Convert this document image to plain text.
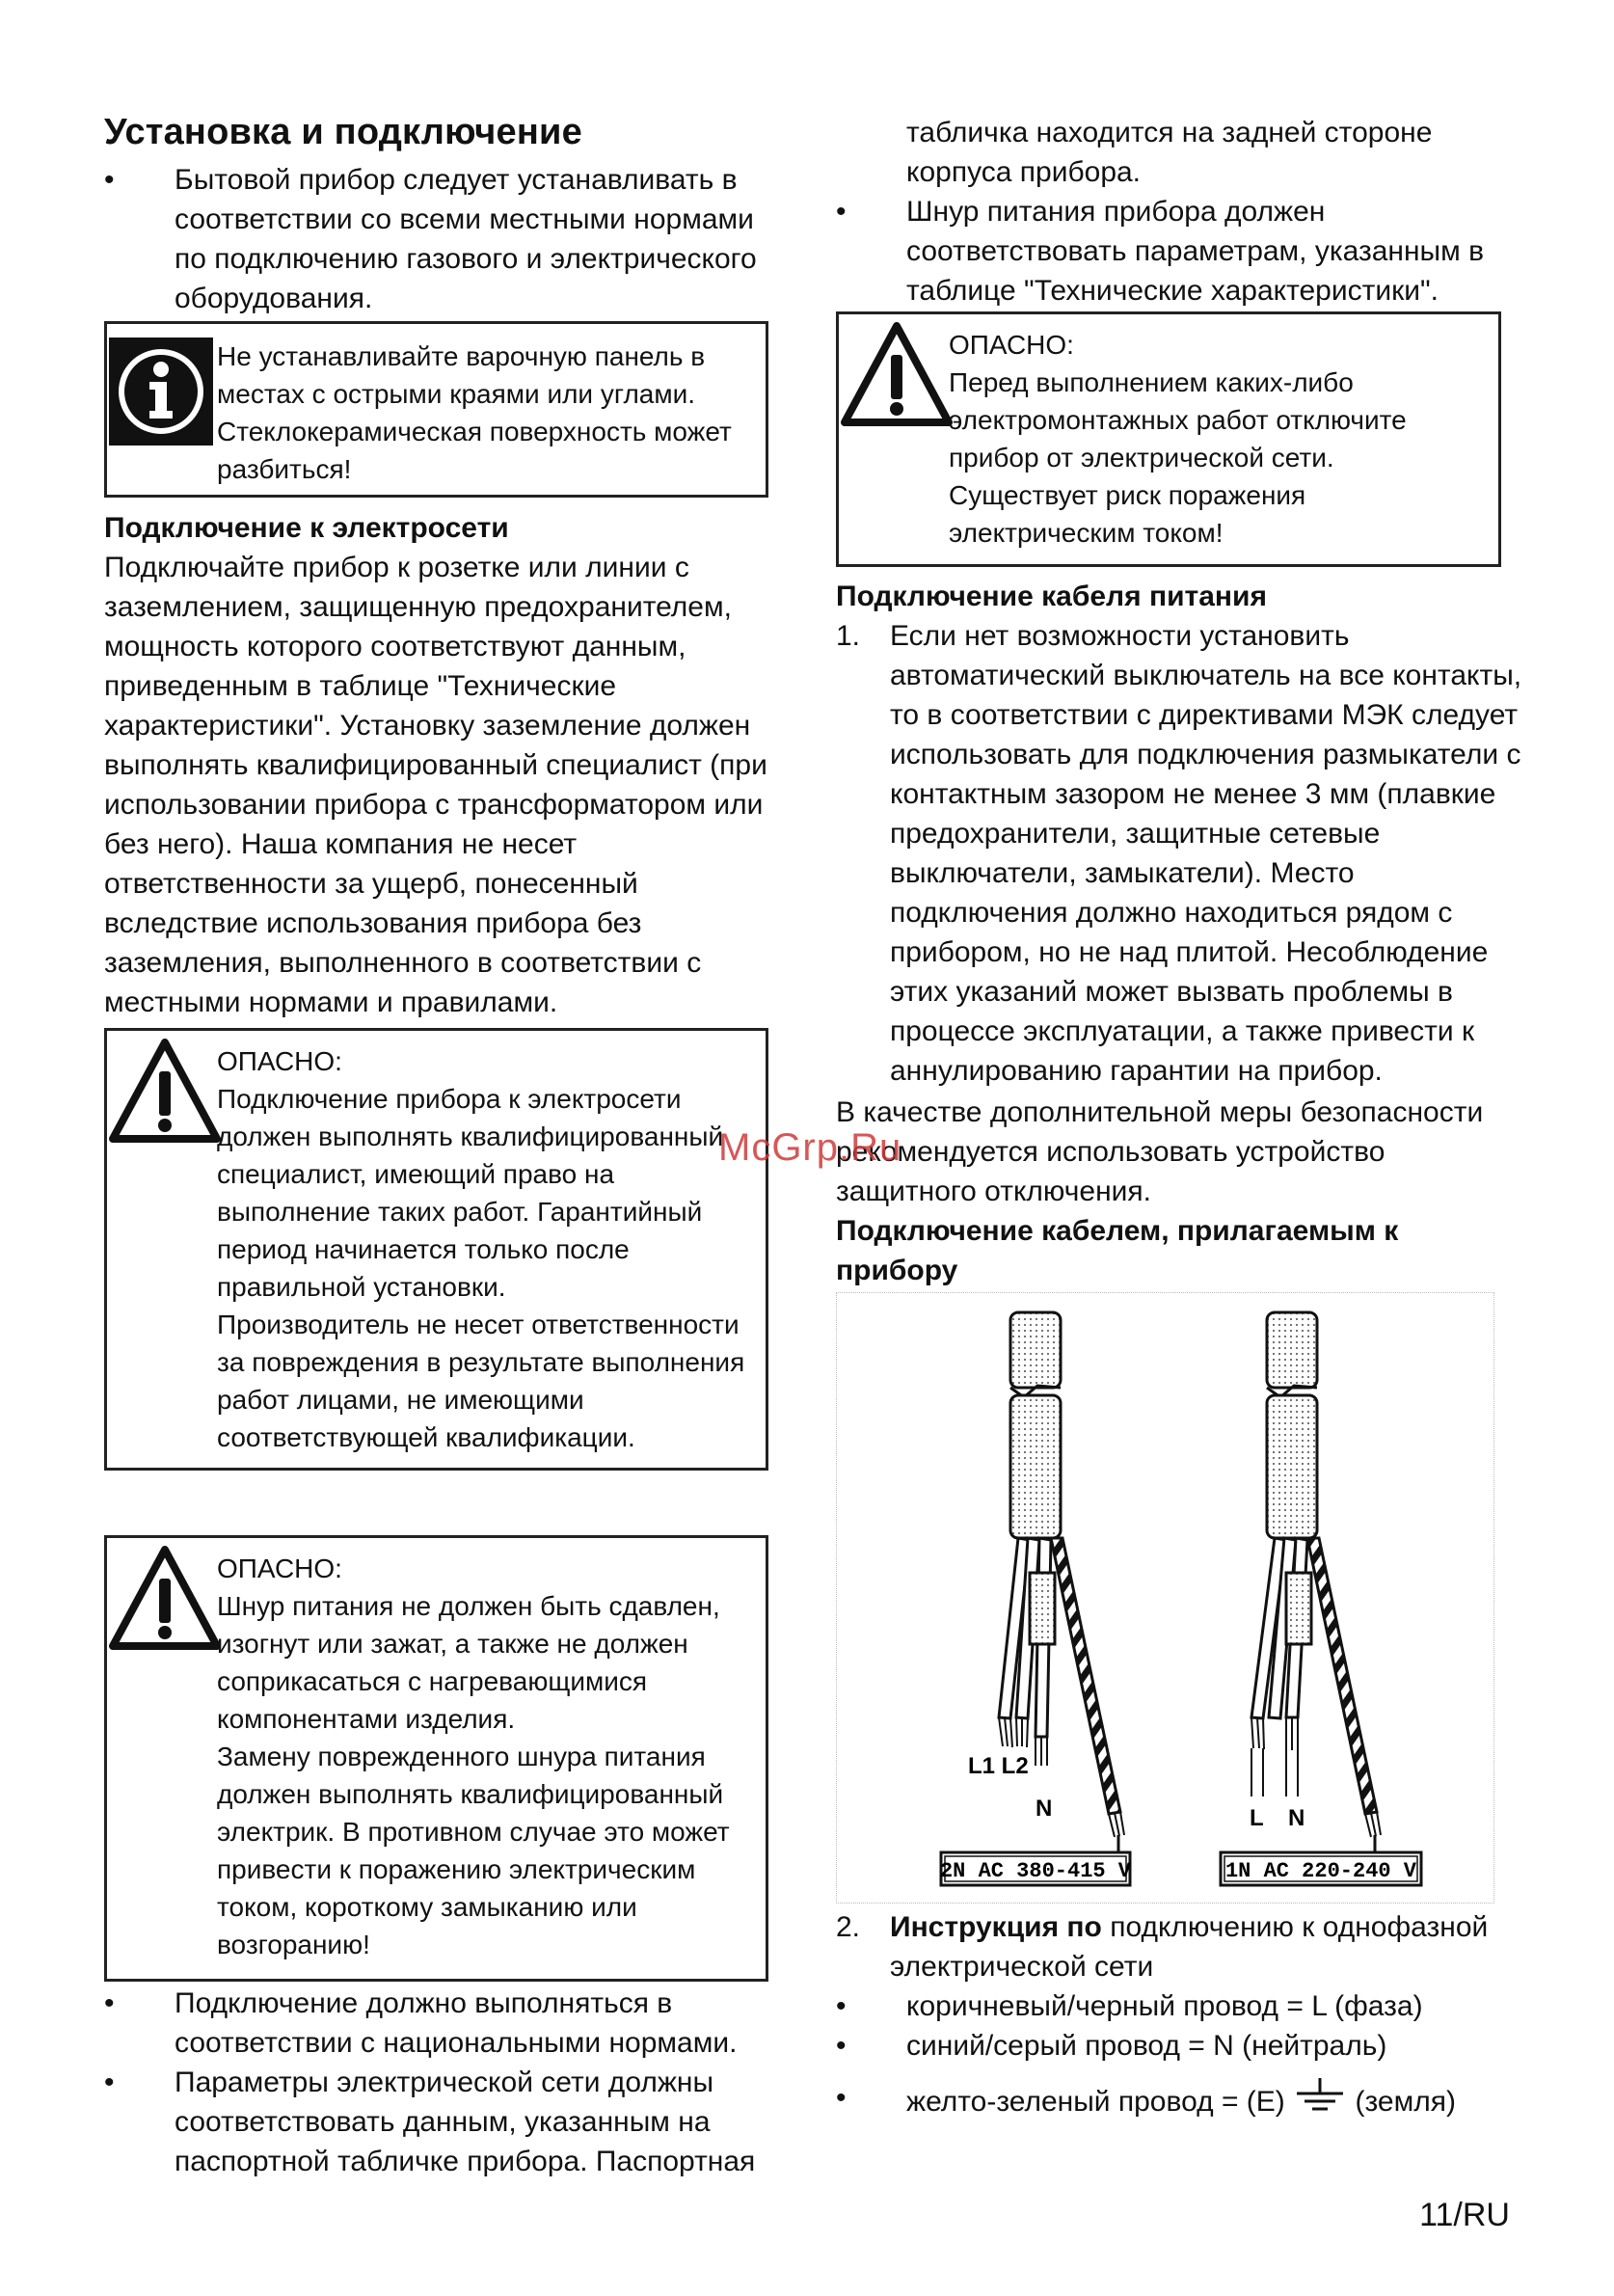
Установка и подключение
• Бытовой прибор следует устанавливать в соответствии со всеми местными нормами по подключению газового и электрического оборудования.
Не устанавливайте варочную панель в местах с острыми краями или углами. Стеклокерамическая поверхность может разбиться!
Подключение к электросети
Подключайте прибор к розетке или линии с заземлением, защищенную предохранителем, мощность которого соответствуют данным, приведенным в таблице "Технические характеристики". Установку заземление должен выполнять квалифицированный специалист (при использовании прибора с трансформатором или без него). Наша компания не несет ответственности за ущерб, понесенный вследствие использования прибора без заземления, выполненного в соответствии с местными нормами и правилами.
ОПАСНО:
Подключение прибора к электросети должен выполнять квалифицированный специалист, имеющий право на выполнение таких работ. Гарантийный период начинается только после правильной установки.
Производитель не несет ответственности за повреждения в результате выполнения работ лицами, не имеющими соответствующей квалификации.
ОПАСНО:
Шнур питания не должен быть сдавлен, изогнут или зажат, а также не должен соприкасаться с нагревающимися компонентами изделия.
Замену поврежденного шнура питания должен выполнять квалифицированный электрик. В противном случае это может привести к поражению электрическим током, короткому замыканию или возгоранию!
• Подключение должно выполняться в соответствии с национальными нормами.
• Параметры электрической сети должны соответствовать данным, указанным на паспортной табличке прибора. Паспортная
табличка находится на задней стороне корпуса прибора.
• Шнур питания прибора должен соответствовать параметрам, указанным в таблице "Технические характеристики".
ОПАСНО:
Перед выполнением каких-либо электромонтажных работ отключите прибор от электрической сети. Существует риск поражения электрическим током!
Подключение кабеля питания
1. Если нет возможности установить автоматический выключатель на все контакты, то в соответствии с директивами МЭК следует использовать для подключения размыкатели с контактным зазором не менее 3 мм (плавкие предохранители, защитные сетевые выключатели, замыкатели). Место подключения должно находиться рядом с прибором, но не над плитой. Несоблюдение этих указаний может вызвать проблемы в процессе эксплуатации, а также привести к аннулированию гарантии на прибор.
В качестве дополнительной меры безопасности рекомендуется использовать устройство защитного отключения.
Подключение кабелем, прилагаемым к прибору
L1 L2
N
2N AC 380-415 V
L N
1N AC 220-240 V
2. Инструкция по подключению к однофазной электрической сети
• коричневый/черный провод = L (фаза)
• синий/серый провод = N (нейтраль)
• желто-зеленый провод = (E) (земля)
McGrp.Ru
11/RU
